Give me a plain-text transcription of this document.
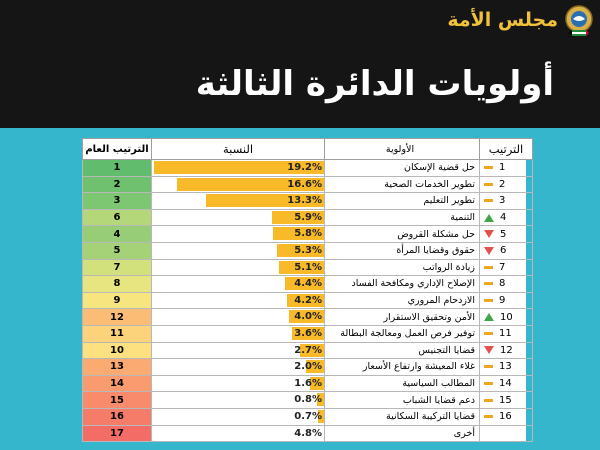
مجلس الأمة
أولويات الدائرة الثالثة
الترتيب العام	النسبة	الأولوية	الترتيب
1	19.2%	حل قضية الإسكان	1

2	16.6%	تطوير الخدمات الصحية	2

3	13.3%	تطوير التعليم	3

6	5.9%	التنمية	4

4	5.8%	حل مشكلة القروض	5

5	5.3%	حقوق وقضايا المرأة	6

7	5.1%	زيادة الرواتب	7

8	4.4%	الإصلاح الإداري ومكافحة الفساد	8

9	4.2%	الازدحام المروري	9

12	4.0%	الأمن وتحقيق الاستقرار	10

11	3.6%	توفير فرص العمل ومعالجة البطالة	11

10	2.7%	قضايا التجنيس	12

13	2.0%	غلاء المعيشة وارتفاع الأسعار	13

14	1.6%	المطالب السياسية	14

15	0.8%	دعم قضايا الشباب	15

16	0.7%	قضايا التركيبة السكانية	16

17	4.8%	أخرى	
